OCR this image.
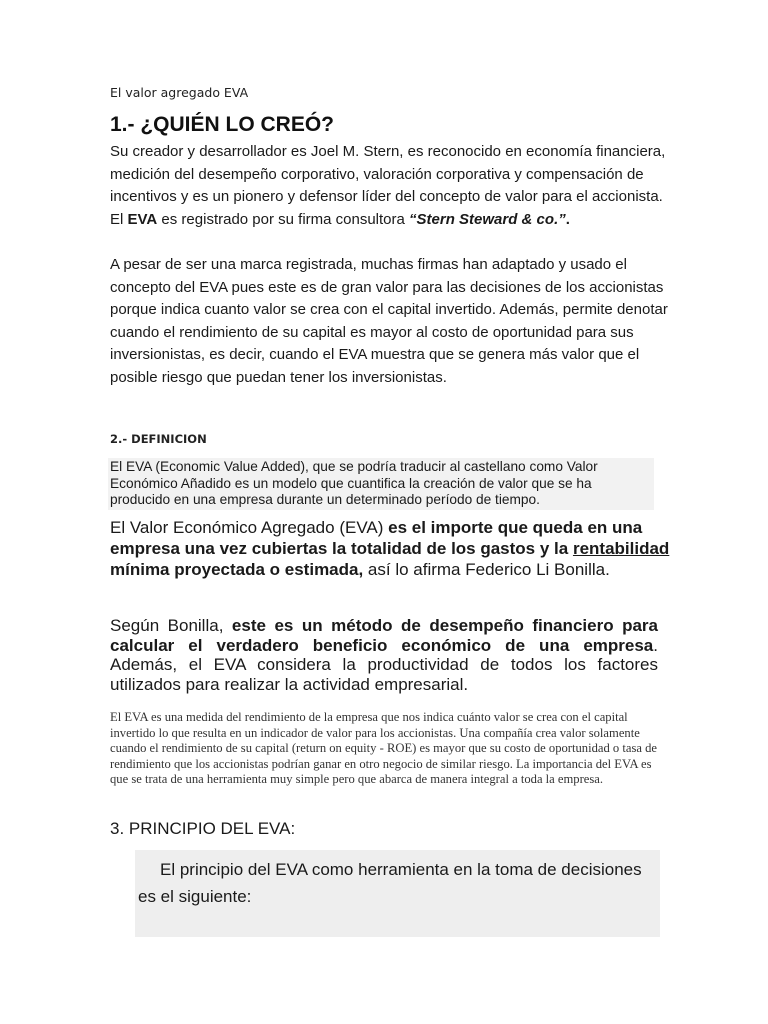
El valor agregado EVA
1.- ¿QUIÉN LO CREÓ?
Su creador y desarrollador es Joel M. Stern, es reconocido en economía financiera, medición del desempeño corporativo, valoración corporativa y compensación de incentivos y es un pionero y defensor líder del concepto de valor para el accionista. El EVA es registrado por su firma consultora “Stern Steward & co.”.
A pesar de ser una marca registrada, muchas firmas han adaptado y usado el concepto del EVA pues este es de gran valor para las decisiones de los accionistas porque indica cuanto valor se crea con el capital invertido. Además, permite denotar cuando el rendimiento de su capital es mayor al costo de oportunidad para sus inversionistas, es decir, cuando el EVA muestra que se genera más valor que el posible riesgo que puedan tener los inversionistas.
2.- DEFINICION
El EVA (Economic Value Added), que se podría traducir al castellano como Valor Económico Añadido es un modelo que cuantifica la creación de valor que se ha producido en una empresa durante un determinado período de tiempo.
El Valor Económico Agregado (EVA) es el importe que queda en una empresa una vez cubiertas la totalidad de los gastos y la rentabilidad mínima proyectada o estimada, así lo afirma Federico Li Bonilla.
Según Bonilla, este es un método de desempeño financiero para calcular el verdadero beneficio económico de una empresa. Además, el EVA considera la productividad de todos los factores utilizados para realizar la actividad empresarial.
El EVA es una medida del rendimiento de la empresa que nos indica cuánto valor se crea con el capital invertido lo que resulta en un indicador de valor para los accionistas. Una compañía crea valor solamente cuando el rendimiento de su capital (return on equity - ROE) es mayor que su costo de oportunidad o tasa de rendimiento que los accionistas podrían ganar en otro negocio de similar riesgo. La importancia del EVA es que se trata de una herramienta muy simple pero que abarca de manera integral a toda la empresa.
3. PRINCIPIO DEL EVA:
El principio del EVA como herramienta en la toma de decisiones es el siguiente:
